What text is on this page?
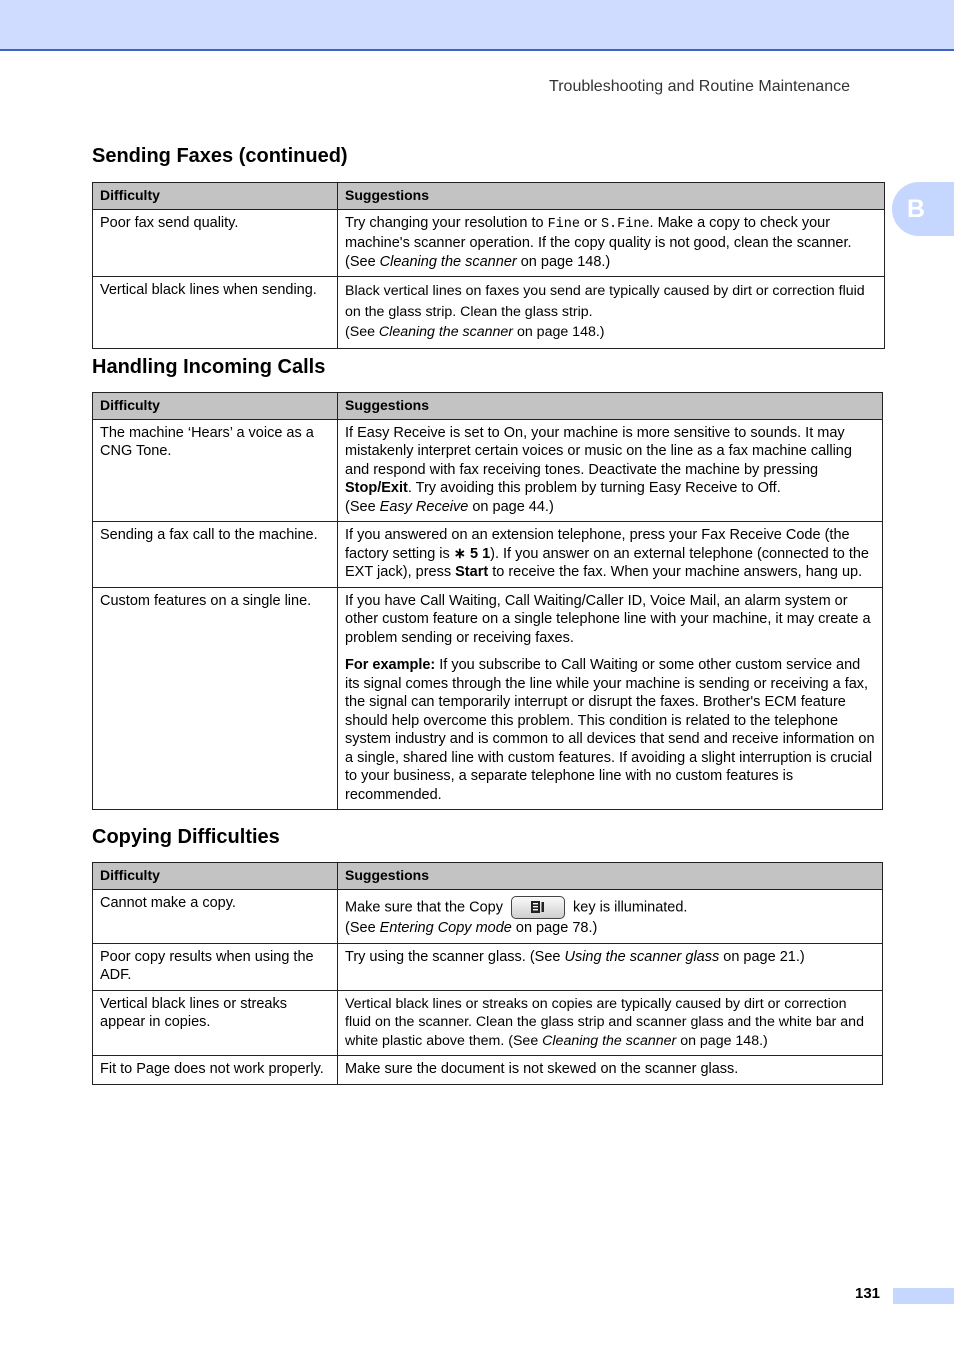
Troubleshooting and Routine Maintenance
B
Sending Faxes (continued)
Difficulty	Suggestions
Poor fax send quality.	Try changing your resolution to Fine or S.Fine. Make a copy to check your machine's scanner operation. If the copy quality is not good, clean the scanner.
(See Cleaning the scanner on page 148.)
Vertical black lines when sending.	Black vertical lines on faxes you send are typically caused by dirt or correction fluid on the glass strip. Clean the glass strip.
(See Cleaning the scanner on page 148.)
Handling Incoming Calls
Difficulty	Suggestions
The machine ‘Hears’ a voice as a CNG Tone.	If Easy Receive is set to On, your machine is more sensitive to sounds. It may mistakenly interpret certain voices or music on the line as a fax machine calling and respond with fax receiving tones. Deactivate the machine by pressing Stop/Exit. Try avoiding this problem by turning Easy Receive to Off.
(See Easy Receive on page 44.)
Sending a fax call to the machine.	If you answered on an extension telephone, press your Fax Receive Code (the factory setting is ∗ 5 1). If you answer on an external telephone (connected to the EXT jack), press Start to receive the fax. When your machine answers, hang up.
Custom features on a single line.	If you have Call Waiting, Call Waiting/Caller ID, Voice Mail, an alarm system or other custom feature on a single telephone line with your machine, it may create a problem sending or receiving faxes.
For example: If you subscribe to Call Waiting or some other custom service and its signal comes through the line while your machine is sending or receiving a fax, the signal can temporarily interrupt or disrupt the faxes. Brother's ECM feature should help overcome this problem. This condition is related to the telephone system industry and is common to all devices that send and receive information on a single, shared line with custom features. If avoiding a slight interruption is crucial to your business, a separate telephone line with no custom features is recommended.
Copying Difficulties
Difficulty	Suggestions
Cannot make a copy.	Make sure that the Copy key is illuminated.
(See Entering Copy mode on page 78.)
Poor copy results when using the ADF.	Try using the scanner glass. (See Using the scanner glass on page 21.)
Vertical black lines or streaks appear in copies.	Vertical black lines or streaks on copies are typically caused by dirt or correction fluid on the scanner. Clean the glass strip and scanner glass and the white bar and white plastic above them. (See Cleaning the scanner on page 148.)
Fit to Page does not work properly.	Make sure the document is not skewed on the scanner glass.
131
